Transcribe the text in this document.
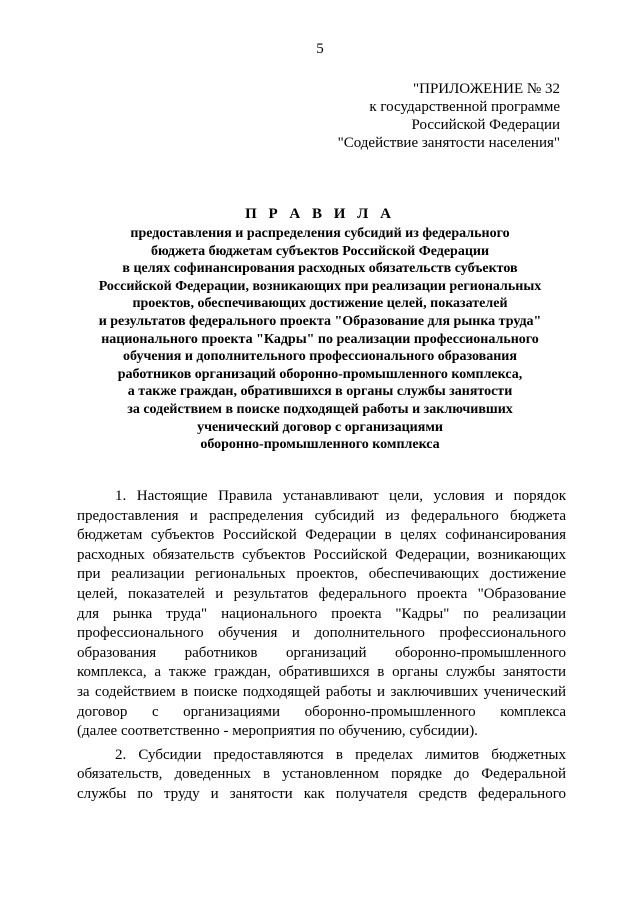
5
"ПРИЛОЖЕНИЕ № 32
к государственной программе
Российской Федерации
"Содействие занятости населения"
П Р А В И Л А
предоставления и распределения субсидий из федерального
бюджета бюджетам субъектов Российской Федерации
в целях софинансирования расходных обязательств субъектов
Российской Федерации, возникающих при реализации региональных
проектов, обеспечивающих достижение целей, показателей
и результатов федерального проекта "Образование для рынка труда"
национального проекта "Кадры" по реализации профессионального
обучения и дополнительного профессионального образования
работников организаций оборонно-промышленного комплекса,
а также граждан, обратившихся в органы службы занятости
за содействием в поиске подходящей работы и заключивших
ученический договор с организациями
оборонно-промышленного комплекса
1. Настоящие Правила устанавливают цели, условия и порядок
предоставления и распределения субсидий из федерального бюджета
бюджетам субъектов Российской Федерации в целях софинансирования
расходных обязательств субъектов Российской Федерации, возникающих
при реализации региональных проектов, обеспечивающих достижение
целей, показателей и результатов федерального проекта "Образование
для рынка труда" национального проекта "Кадры" по реализации
профессионального обучения и дополнительного профессионального
образования работников организаций оборонно-промышленного
комплекса, а также граждан, обратившихся в органы службы занятости
за содействием в поиске подходящей работы и заключивших ученический
договор с организациями оборонно-промышленного комплекса
(далее соответственно - мероприятия по обучению, субсидии).
2. Субсидии предоставляются в пределах лимитов бюджетных
обязательств, доведенных в установленном порядке до Федеральной
службы по труду и занятости как получателя средств федерального
